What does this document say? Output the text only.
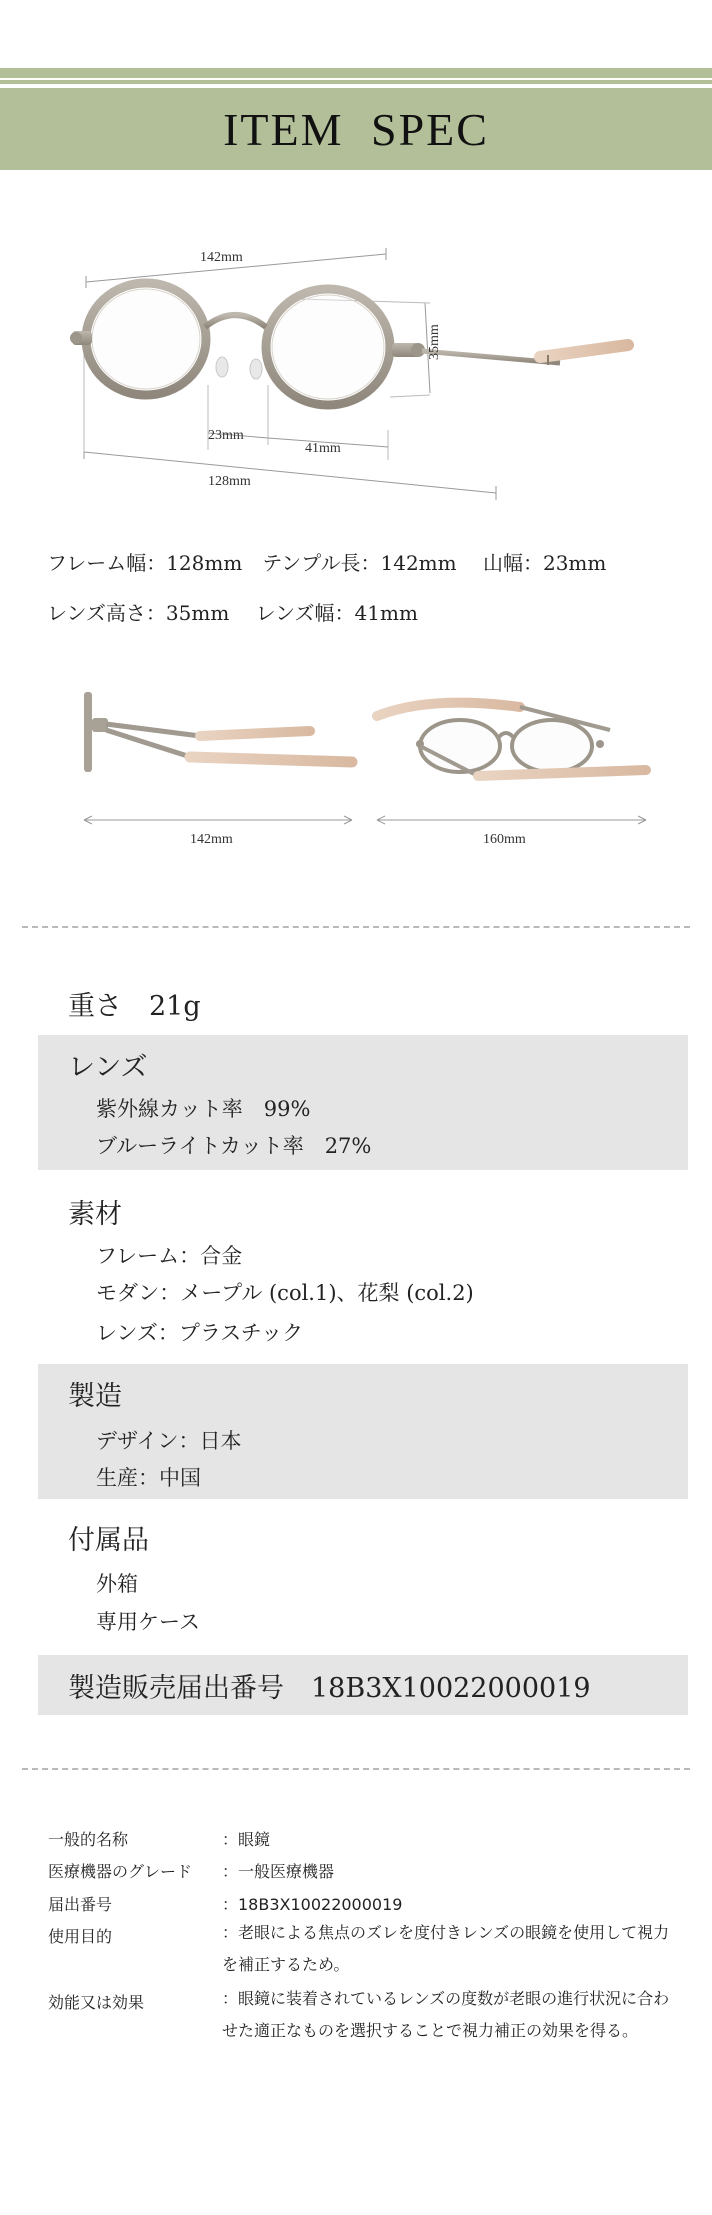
ITEM SPEC
142mm
35mm
23mm
41mm
128mm
フレーム幅：128mm　テンプル長：142mm　 山幅：23mm
レンズ高さ：35mm　 レンズ幅：41mm
142mm	160mm
重さ　21g
レンズ
紫外線カット率　99%
ブルーライトカット率　27%
素材
フレーム：合金
モダン：メープル (col.1)、花梨 (col.2)
レンズ：プラスチック
製造
デザイン：日本
生産：中国
付属品
外箱
専用ケース
製造販売届出番号　18B3X10022000019
一般的名称	：眼鏡
医療機器のグレード ：一般医療機器
届出番号	：18B3X10022000019
使用目的	：老眼による焦点のズレを度付きレンズの眼鏡を使用して視力を補正するため。
効能又は効果	：眼鏡に装着されているレンズの度数が老眼の進行状況に合わせた適正なものを選択することで視力補正の効果を得る。
